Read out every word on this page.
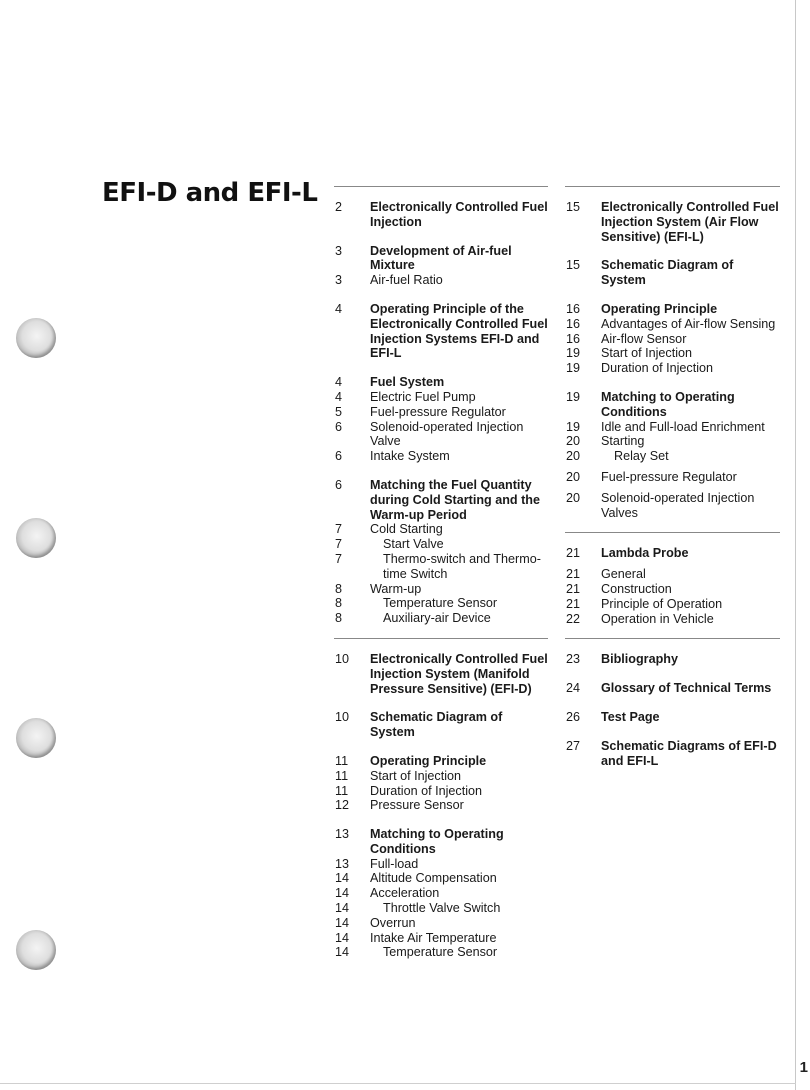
EFI-D and EFI-L 2	Electronically Controlled Fuel Injection
3	Development of Air-fuel Mixture
3	Air-fuel Ratio
4	Operating Principle of the Electronically Controlled Fuel Injection Systems EFI-D and EFI-L
4	Fuel System
4	Electric Fuel Pump
5	Fuel-pressure Regulator
6	Solenoid-operated Injection Valve
6	Intake System
6	Matching the Fuel Quantity during Cold Starting and the Warm-up Period
7	Cold Starting
7	Start Valve
7	Thermo-switch and Thermo-time Switch
8	Warm-up
8	Temperature Sensor
8	Auxiliary-air Device
10	Electronically Controlled Fuel Injection System (Manifold Pressure Sensitive) (EFI-D)
10	Schematic Diagram of System
11	Operating Principle
11	Start of Injection
11	Duration of Injection
12	Pressure Sensor
13	Matching to Operating Conditions
13	Full-load
14	Altitude Compensation
14	Acceleration
14	Throttle Valve Switch
14	Overrun
14	Intake Air Temperature
14	Temperature Sensor
15	Electronically Controlled Fuel Injection System (Air Flow Sensitive) (EFI-L)
15	Schematic Diagram of System
16	Operating Principle
16	Advantages of Air-flow Sensing
16	Air-flow Sensor
19	Start of Injection
19	Duration of Injection
19	Matching to Operating Conditions
19	Idle and Full-load Enrichment
20	Starting
20	Relay Set
20	Fuel-pressure Regulator
20	Solenoid-operated Injection Valves
21	Lambda Probe
21	General
21	Construction
21	Principle of Operation
22	Operation in Vehicle
23	Bibliography
24	Glossary of Technical Terms
26	Test Page
27	Schematic Diagrams of EFI-D and EFI-L
1
